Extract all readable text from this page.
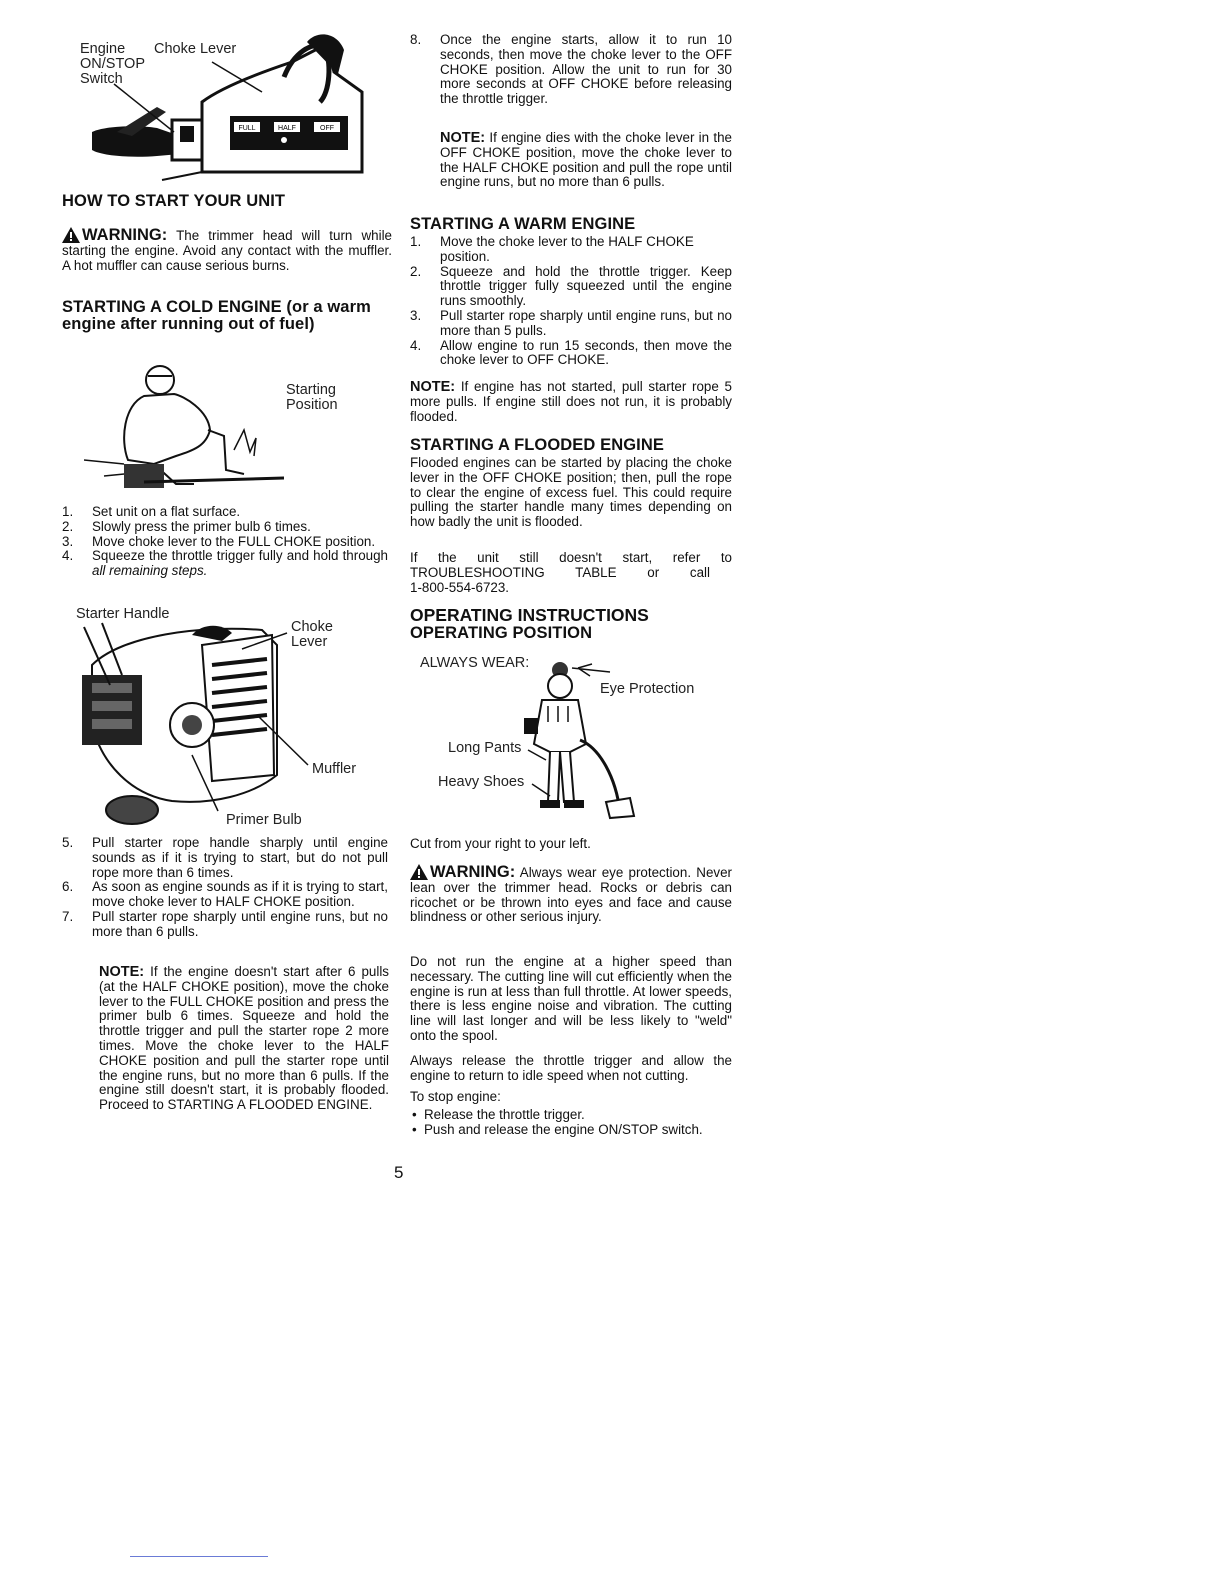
FULL	HALF	OFF
Engine
ON/STOP
Switch
Choke Lever
HOW TO START YOUR UNIT

WARNING: The trimmer head will turn while starting the engine. Avoid any contact with the muffler. A hot muffler can cause serious burns.

STARTING A COLD ENGINE (or a warm engine after running out of fuel)
Starting Position
1. Set unit on a flat surface.
2. Slowly press the primer bulb 6 times.
3. Move choke lever to the FULL CHOKE position.
4. Squeeze the throttle trigger fully and hold through all remaining steps.
Starter Handle
Choke
Lever
Muffler
Primer Bulb
5. Pull starter rope handle sharply until engine sounds as if it is trying to start, but do not pull rope more than 6 times.
6. As soon as engine sounds as if it is trying to start, move choke lever to HALF CHOKE position.
7. Pull starter rope sharply until engine runs, but no more than 6 pulls.

NOTE: If the engine doesn't start after 6 pulls (at the HALF CHOKE position), move the choke lever to the FULL CHOKE position and press the primer bulb 6 times. Squeeze and hold the throttle trigger and pull the starter rope 2 more times. Move the choke lever to the HALF CHOKE position and pull the starter rope until the engine runs, but no more than 6 pulls. If the engine still doesn't start, it is probably flooded. Proceed to STARTING A FLOODED ENGINE.

8. Once the engine starts, allow it to run 10 seconds, then move the choke lever to the OFF CHOKE position. Allow the unit to run for 30 more seconds at OFF CHOKE before releasing the throttle trigger.

NOTE: If engine dies with the choke lever in the OFF CHOKE position, move the choke lever to the HALF CHOKE position and pull the rope until engine runs, but no more than 6 pulls.

STARTING A WARM ENGINE
1. Move the choke lever to the HALF CHOKE position.
2. Squeeze and hold the throttle trigger. Keep throttle trigger fully squeezed until the engine runs smoothly.
3. Pull starter rope sharply until engine runs, but no more than 5 pulls.
4. Allow engine to run 15 seconds, then move the choke lever to OFF CHOKE.

NOTE: If engine has not started, pull starter rope 5 more pulls. If engine still does not run, it is probably flooded.

STARTING A FLOODED ENGINE

Flooded engines can be started by placing the choke lever in the OFF CHOKE position; then, pull the rope to clear the engine of excess fuel. This could require pulling the starter handle many times depending on how badly the unit is flooded.

If the unit still doesn't start, refer to

TROUBLESHOOTING TABLE or call

1-800-554-6723.

OPERATING INSTRUCTIONS
OPERATING POSITION
ALWAYS WEAR:
Eye Protection
Long Pants
Heavy Shoes

Cut from your right to your left.

WARNING: Always wear eye protection. Never lean over the trimmer head. Rocks or debris can ricochet or be thrown into eyes and face and cause blindness or other serious injury.

Do not run the engine at a higher speed than necessary. The cutting line will cut efficiently when the engine is run at less than full throttle. At lower speeds, there is less engine noise and vibration. The cutting line will last longer and will be less likely to "weld" onto the spool.

Always release the throttle trigger and allow the engine to return to idle speed when not cutting.

To stop engine:

• Release the throttle trigger.
• Push and release the engine ON/STOP switch.
5
